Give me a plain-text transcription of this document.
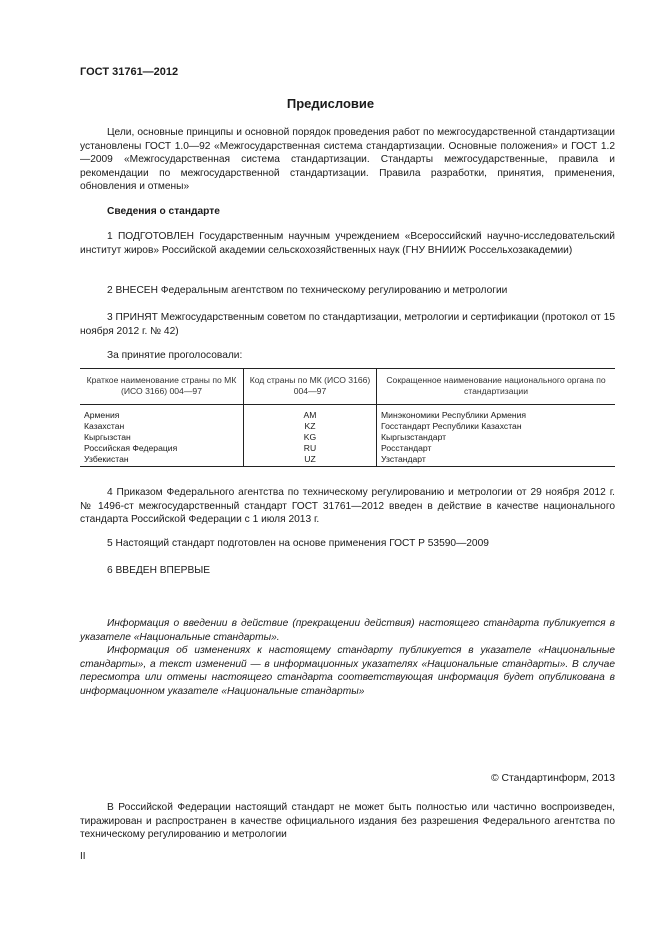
ГОСТ 31761—2012
Предисловие
Цели, основные принципы и основной порядок проведения работ по межгосударственной стандартизации установлены ГОСТ 1.0—92 «Межгосударственная система стандартизации. Основные положения» и ГОСТ 1.2—2009 «Межгосударственная система стандартизации. Стандарты межгосударственные, правила и рекомендации по межгосударственной стандартизации. Правила разработки, принятия, применения, обновления и отмены»
Сведения о стандарте
1 ПОДГОТОВЛЕН Государственным научным учреждением «Всероссийский научно-исследовательский институт жиров» Российской академии сельскохозяйственных наук (ГНУ ВНИИЖ Россельхозакадемии)
2 ВНЕСЕН Федеральным агентством по техническому регулированию и метрологии
3 ПРИНЯТ Межгосударственным советом по стандартизации, метрологии и сертификации (протокол от 15 ноября 2012 г. № 42)
За принятие проголосовали:
Краткое наименование страны по МК (ИСО 3166) 004—97	Код страны по МК (ИСО 3166) 004—97	Сокращенное наименование национального органа по стандартизации
Армения	AM	Минэкономики Республики Армения
Казахстан	KZ	Госстандарт Республики Казахстан
Кыргызстан	KG	Кыргызстандарт
Российская Федерация	RU	Росстандарт
Узбекистан	UZ	Узстандарт
4 Приказом Федерального агентства по техническому регулированию и метрологии от 29 ноября 2012 г. № 1496-ст межгосударственный стандарт ГОСТ 31761—2012 введен в действие в качестве национального стандарта Российской Федерации с 1 июля 2013 г.
5 Настоящий стандарт подготовлен на основе применения ГОСТ Р 53590—2009
6 ВВЕДЕН ВПЕРВЫЕ
Информация о введении в действие (прекращении действия) настоящего стандарта публикуется в указателе «Национальные стандарты».
Информация об изменениях к настоящему стандарту публикуется в указателе «Национальные стандарты», а текст изменений — в информационных указателях «Национальные стандарты». В случае пересмотра или отмены настоящего стандарта соответствующая информация будет опубликована в информационном указателе «Национальные стандарты»
© Стандартинформ, 2013
В Российской Федерации настоящий стандарт не может быть полностью или частично воспроизведен, тиражирован и распространен в качестве официального издания без разрешения Федерального агентства по техническому регулированию и метрологии
II
